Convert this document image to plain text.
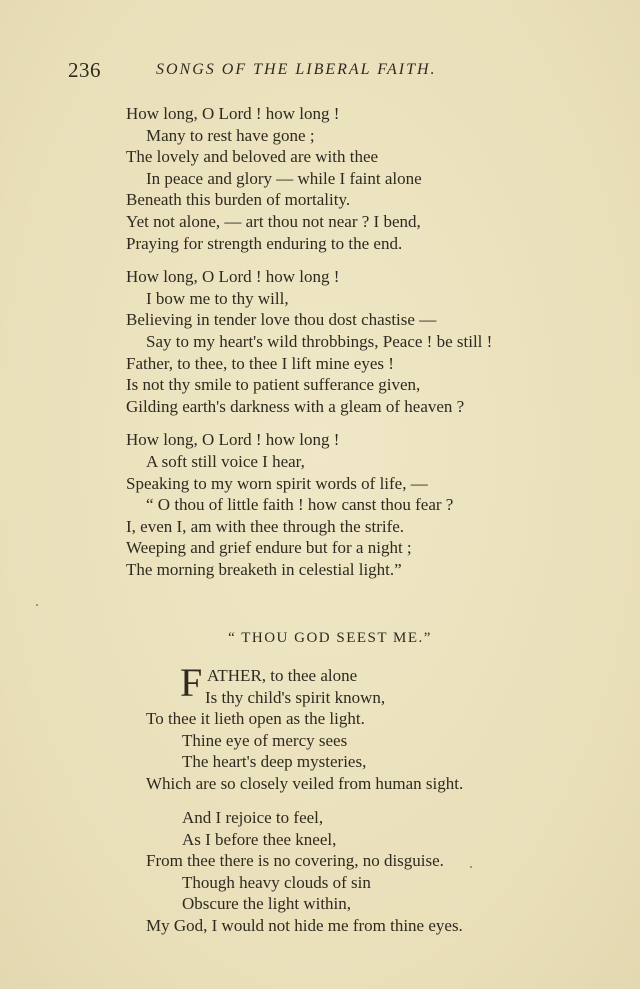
236	SONGS OF THE LIBERAL FAITH.
How long, O Lord ! how long !
Many to rest have gone ;
The lovely and beloved are with thee
In peace and glory — while I faint alone
Beneath this burden of mortality.
Yet not alone, — art thou not near ? I bend,
Praying for strength enduring to the end.
How long, O Lord ! how long !
I bow me to thy will,
Believing in tender love thou dost chastise —
Say to my heart's wild throbbings, Peace ! be still !
Father, to thee, to thee I lift mine eyes !
Is not thy smile to patient sufferance given,
Gilding earth's darkness with a gleam of heaven ?
How long, O Lord ! how long !
A soft still voice I hear,
Speaking to my worn spirit words of life, —
“ O thou of little faith ! how canst thou fear ?
I, even I, am with thee through the strife.
Weeping and grief endure but for a night ;
The morning breaketh in celestial light.”
“ THOU GOD SEEST ME.”
F ATHER, to thee alone
Is thy child's spirit known,
To thee it lieth open as the light.
Thine eye of mercy sees
The heart's deep mysteries,
Which are so closely veiled from human sight.
And I rejoice to feel,
As I before thee kneel,
From thee there is no covering, no disguise.
Though heavy clouds of sin
Obscure the light within,
My God, I would not hide me from thine eyes.
